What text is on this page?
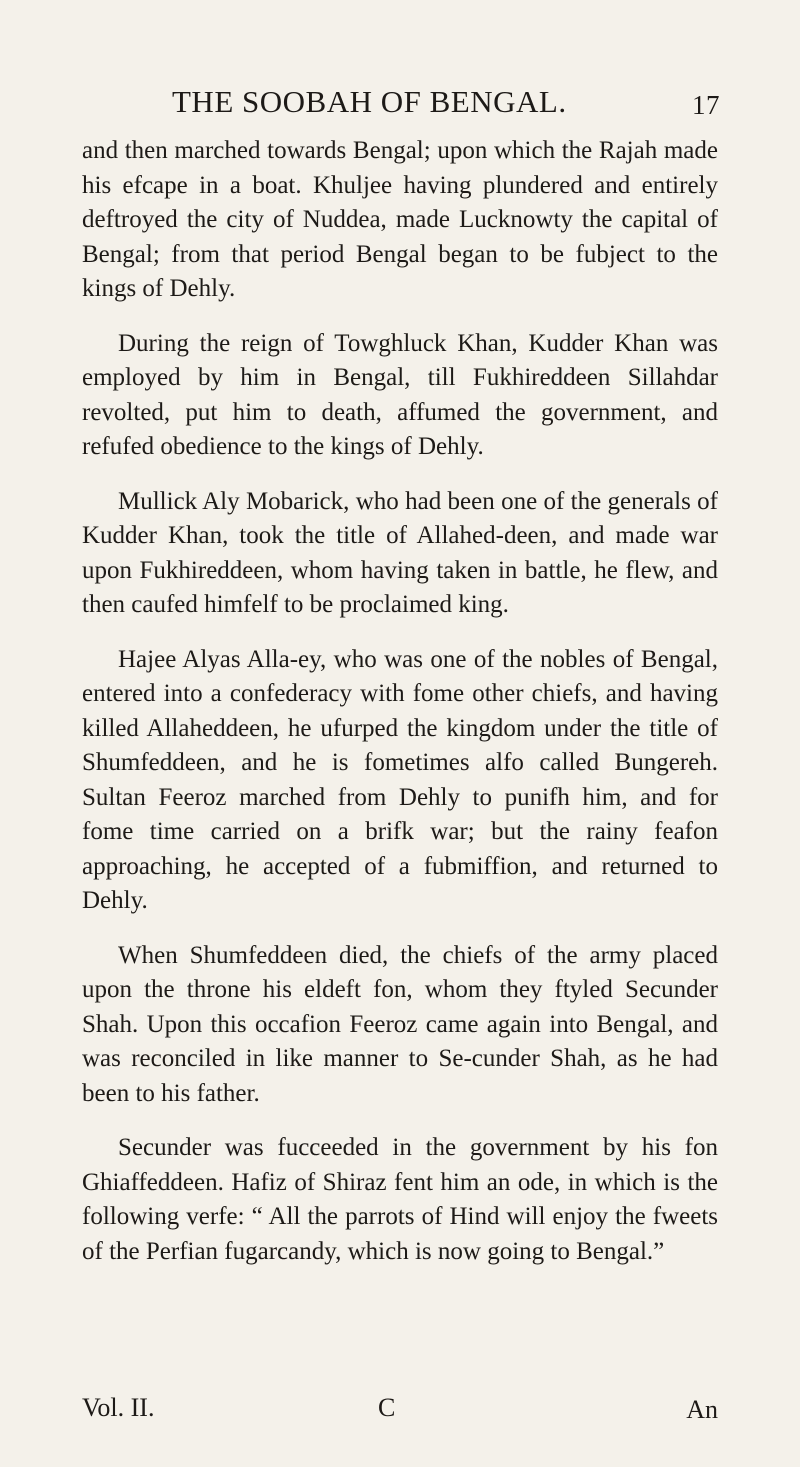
THE SOOBAH OF BENGAL.	17

and then marched towards Bengal; upon which the Rajah made his efcape in a boat. Khuljee having plundered and entirely deftroyed the city of Nuddea, made Lucknowty the capital of Bengal; from that period Bengal began to be fubject to the kings of Dehly.

During the reign of Towghluck Khan, Kudder Khan was employed by him in Bengal, till Fukhireddeen Sillahdar revolted, put him to death, affumed the government, and refufed obedience to the kings of Dehly.

Mullick Aly Mobarick, who had been one of the generals of Kudder Khan, took the title of Allahed-deen, and made war upon Fukhireddeen, whom having taken in battle, he flew, and then caufed himfelf to be proclaimed king.

Hajee Alyas Alla-ey, who was one of the nobles of Bengal, entered into a confederacy with fome other chiefs, and having killed Allaheddeen, he ufurped the kingdom under the title of Shumfeddeen, and he is fometimes alfo called Bungereh. Sultan Feeroz marched from Dehly to punifh him, and for fome time carried on a brifk war; but the rainy feafon approaching, he accepted of a fubmiffion, and returned to Dehly.

When Shumfeddeen died, the chiefs of the army placed upon the throne his eldeft fon, whom they ftyled Secunder Shah. Upon this occafion Feeroz came again into Bengal, and was reconciled in like manner to Se-cunder Shah, as he had been to his father.

Secunder was fucceeded in the government by his fon Ghiaffeddeen. Hafiz of Shiraz fent him an ode, in which is the following verfe: “ All the parrots of Hind will enjoy the fweets of the Perfian fugarcandy, which is now going to Bengal.”

Vol. II.	C	An
